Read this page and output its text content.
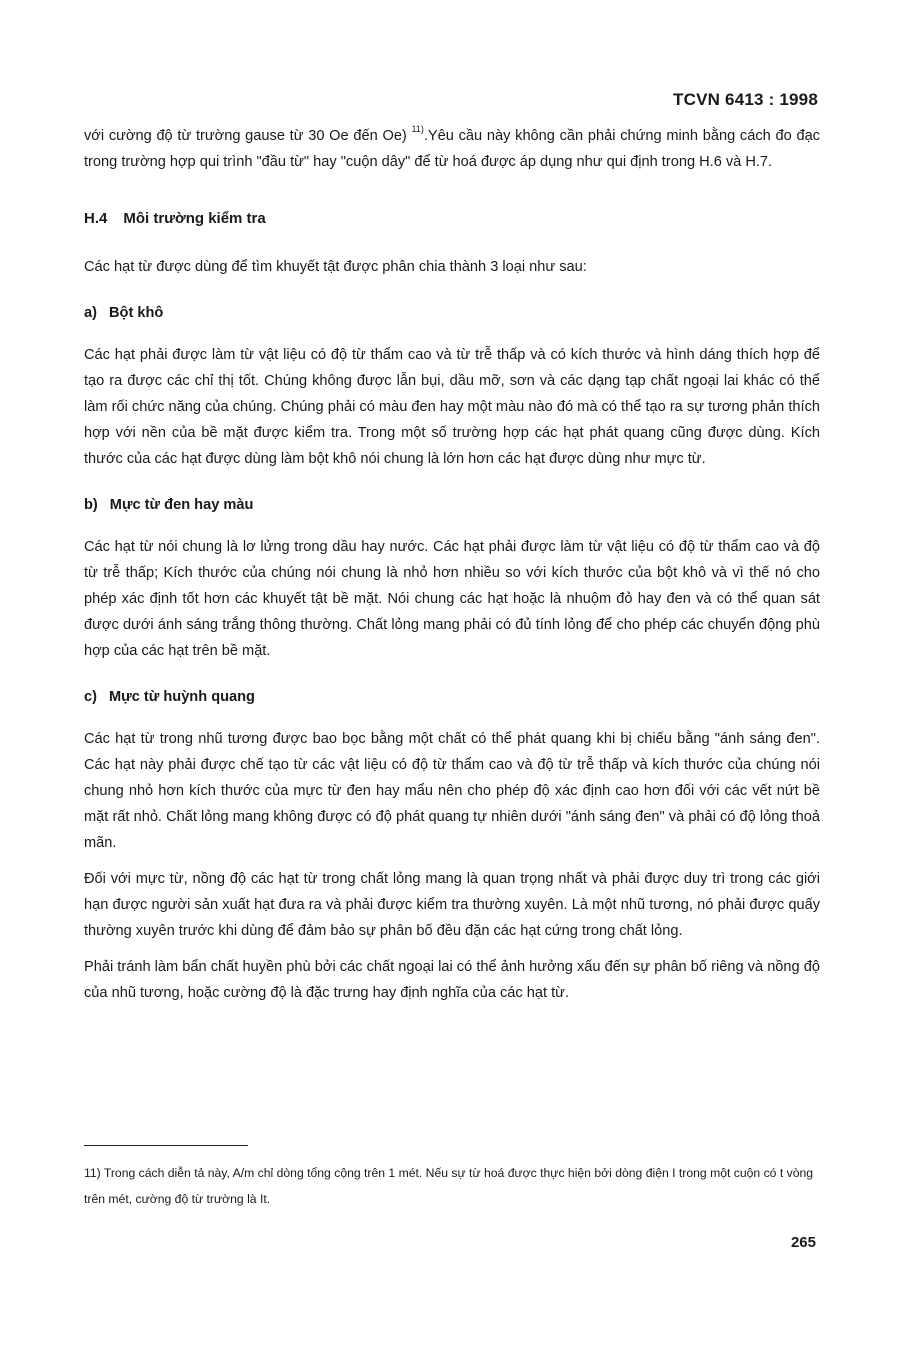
TCVN 6413 : 1998

với cường độ từ trường gause từ 30 Oe đến Oe) $^{11)}$.Yêu cầu này không cần phải chứng minh bằng cách đo đạc trong trường hợp qui trình "đầu từ" hay "cuộn dây" để từ hoá được áp dụng như qui định trong H.6 và H.7.

H.4 Môi trường kiểm tra

Các hạt từ được dùng để tìm khuyết tật được phân chia thành 3 loại như sau:

a) Bột khô

Các hạt phải được làm từ vật liệu có độ từ thẩm cao và từ trễ thấp và có kích thước và hình dáng thích hợp để tạo ra được các chỉ thị tốt. Chúng không được lẫn bụi, dầu mỡ, sơn và các dạng tạp chất ngoại lai khác có thể làm rối chức năng của chúng. Chúng phải có màu đen hay một màu nào đó mà có thể tạo ra sự tương phản thích hợp với nền của bề mặt được kiểm tra. Trong một số trường hợp các hạt phát quang cũng được dùng. Kích thước của các hạt được dùng làm bột khô nói chung là lớn hơn các hạt được dùng như mực từ.

b) Mực từ đen hay màu

Các hạt từ nói chung là lơ lửng trong dầu hay nước. Các hạt phải được làm từ vật liệu có độ từ thẩm cao và độ từ trễ thấp; Kích thước của chúng nói chung là nhỏ hơn nhiều so với kích thước của bột khô và vì thế nó cho phép xác định tốt hơn các khuyết tật bề mặt. Nói chung các hạt hoặc là nhuộm đỏ hay đen và có thể quan sát được dưới ánh sáng trắng thông thường. Chất lỏng mang phải có đủ tính lỏng để cho phép các chuyển động phù hợp của các hạt trên bề mặt.

c) Mực từ huỳnh quang

Các hạt từ trong nhũ tương được bao bọc bằng một chất có thể phát quang khi bị chiếu bằng "ánh sáng đen". Các hạt này phải được chế tạo từ các vật liệu có độ từ thẩm cao và độ từ trễ thấp và kích thước của chúng nói chung nhỏ hơn kích thước của mực từ đen hay mẩu nên cho phép độ xác định cao hơn đối với các vết nứt bề mặt rất nhỏ. Chất lỏng mang không được có độ phát quang tự nhiên dưới "ánh sáng đen" và phải có độ lỏng thoả mãn.

Đối với mực từ, nồng độ các hạt từ trong chất lỏng mang là quan trọng nhất và phải được duy trì trong các giới hạn được người sản xuất hạt đưa ra và phải được kiểm tra thường xuyên. Là một nhũ tương, nó phải được quấy thường xuyên trước khi dùng để đảm bảo sự phân bố đều đặn các hạt cứng trong chất lỏng.

Phải tránh làm bẩn chất huyền phù bởi các chất ngoại lai có thể ảnh hưởng xấu đến sự phân bố riêng và nồng độ của nhũ tương, hoặc cường độ là đặc trưng hay định nghĩa của các hạt từ.

11) Trong cách diễn tả này, A/m chỉ dòng tổng cộng trên 1 mét. Nếu sự từ hoá được thực hiện bởi dòng điện I trong một cuộn có t vòng trên mét, cường độ từ trường là It.
265
